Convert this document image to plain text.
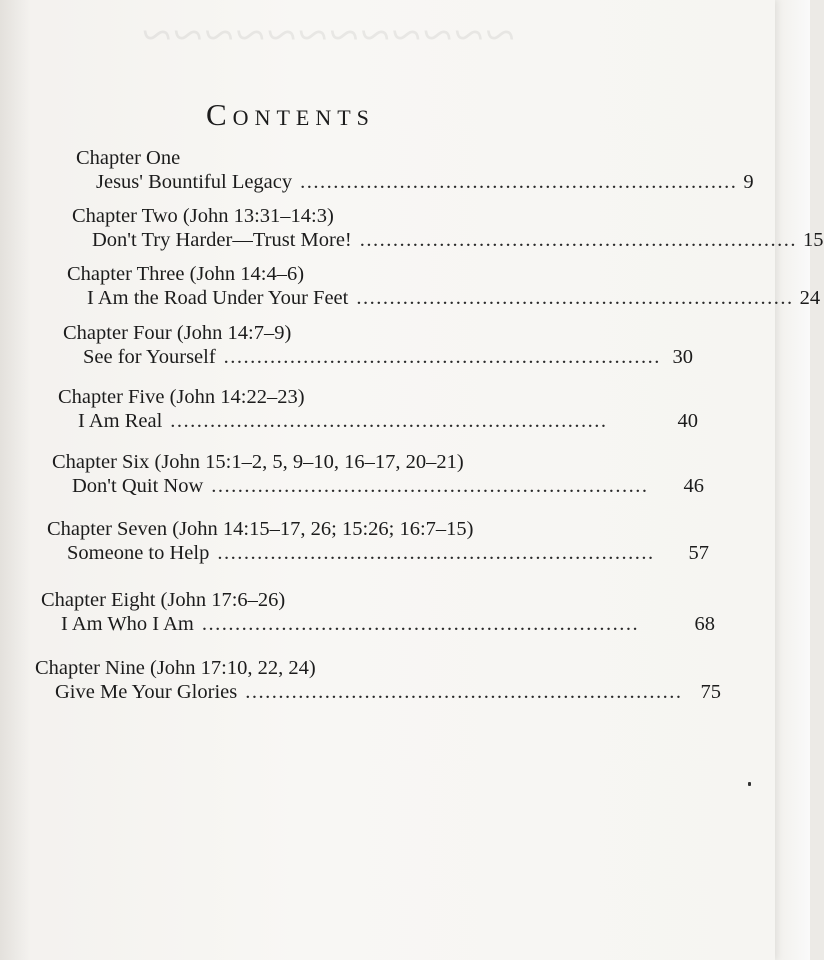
~~~~~~~~~~~~
Contents
Chapter One
Jesus' Bountiful Legacy .................................................................. 9
Chapter Two (John 13:31–14:3)
Don't Try Harder—Trust More! .................................................................. 15
Chapter Three (John 14:4–6)
I Am the Road Under Your Feet .................................................................. 24
Chapter Four (John 14:7–9)
See for Yourself .................................................................. 30
Chapter Five (John 14:22–23)
I Am Real ..................................................................	40
Chapter Six (John 15:1–2, 5, 9–10, 16–17, 20–21)
Don't Quit Now ..................................................................	46
Chapter Seven (John 14:15–17, 26; 15:26; 16:7–15)
Someone to Help ..................................................................	57
Chapter Eight (John 17:6–26)
I Am Who I Am ..................................................................	68
Chapter Nine (John 17:10, 22, 24)
Give Me Your Glories .................................................................. 75
